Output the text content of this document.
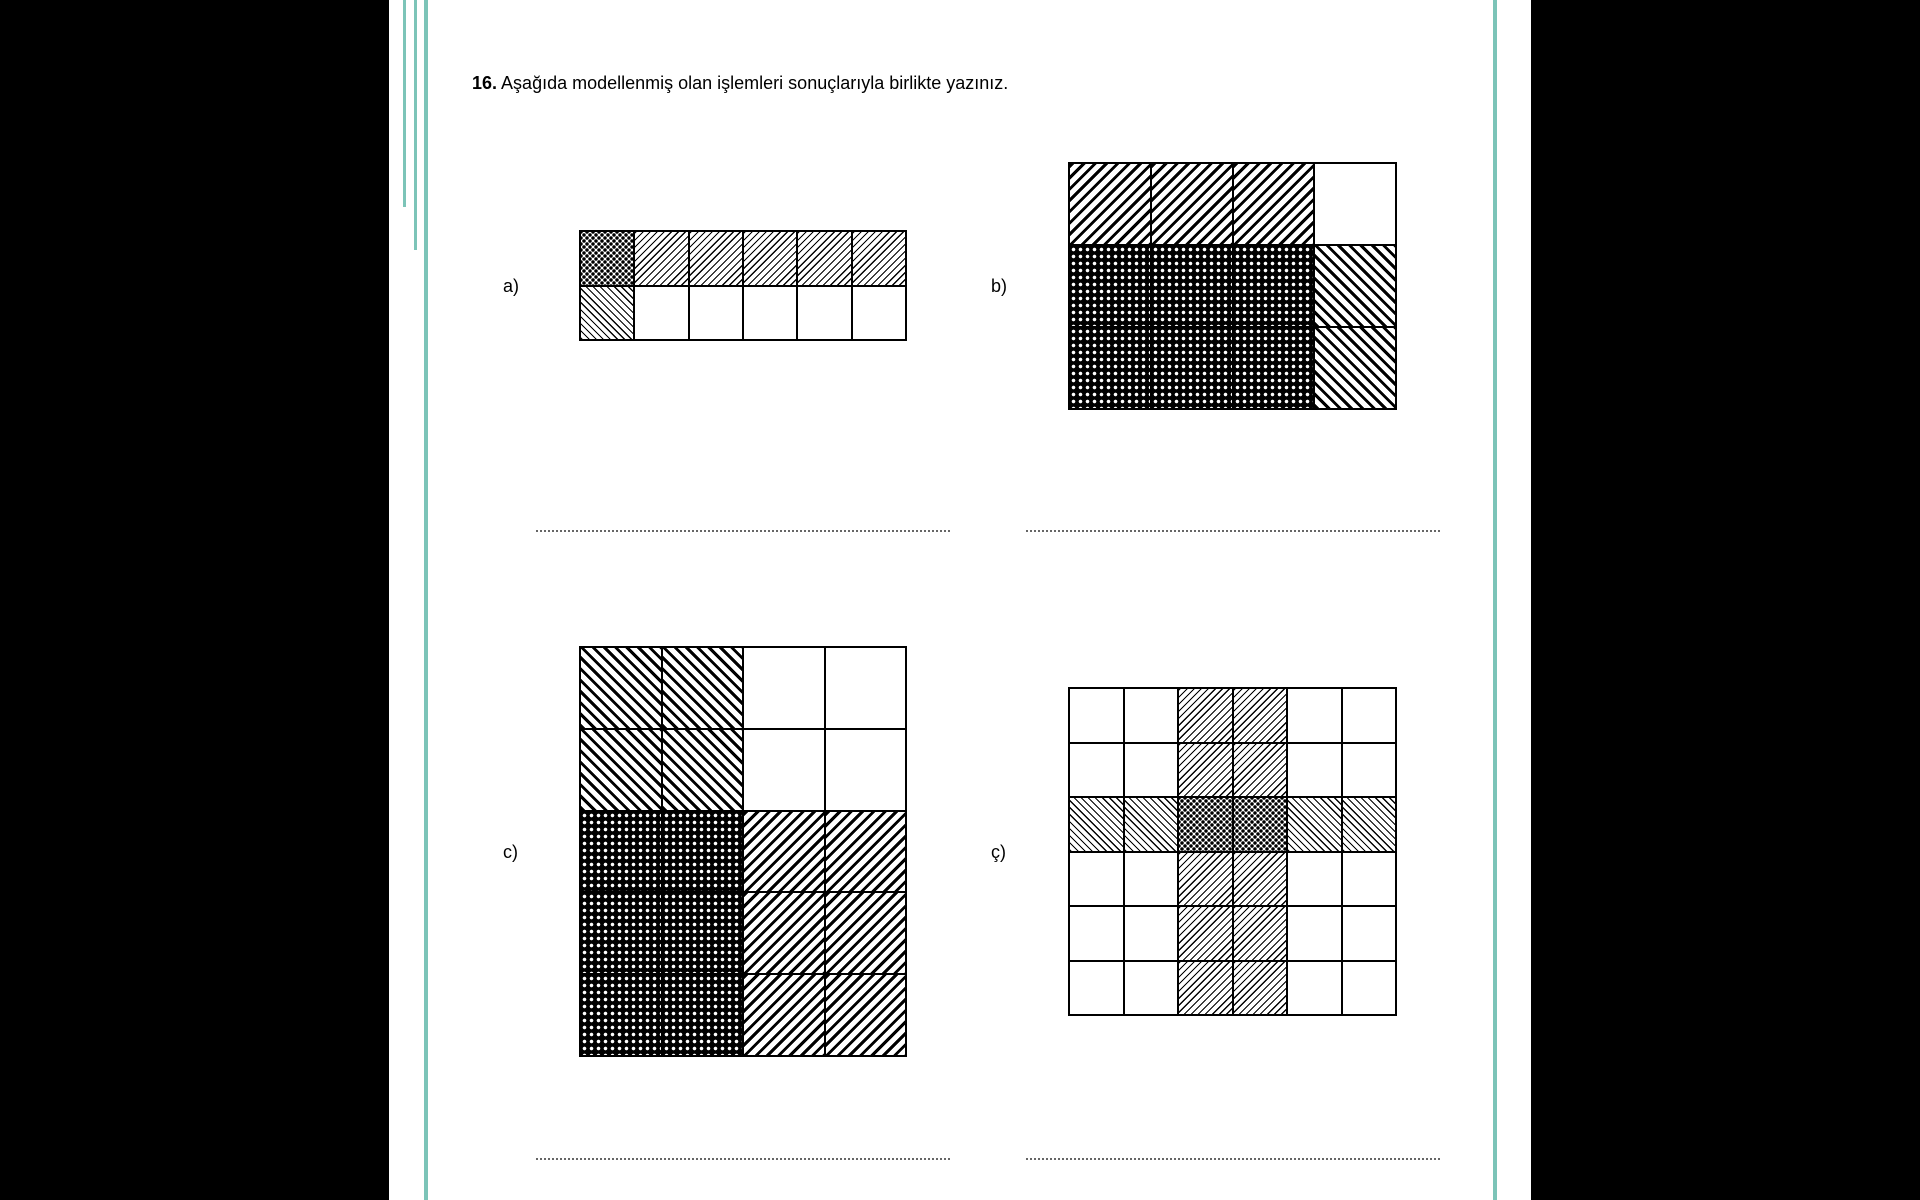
16. Aşağıda modellenmiş olan işlemleri sonuçlarıyla birlikte yazınız.
a)	b)
c)	ç)
